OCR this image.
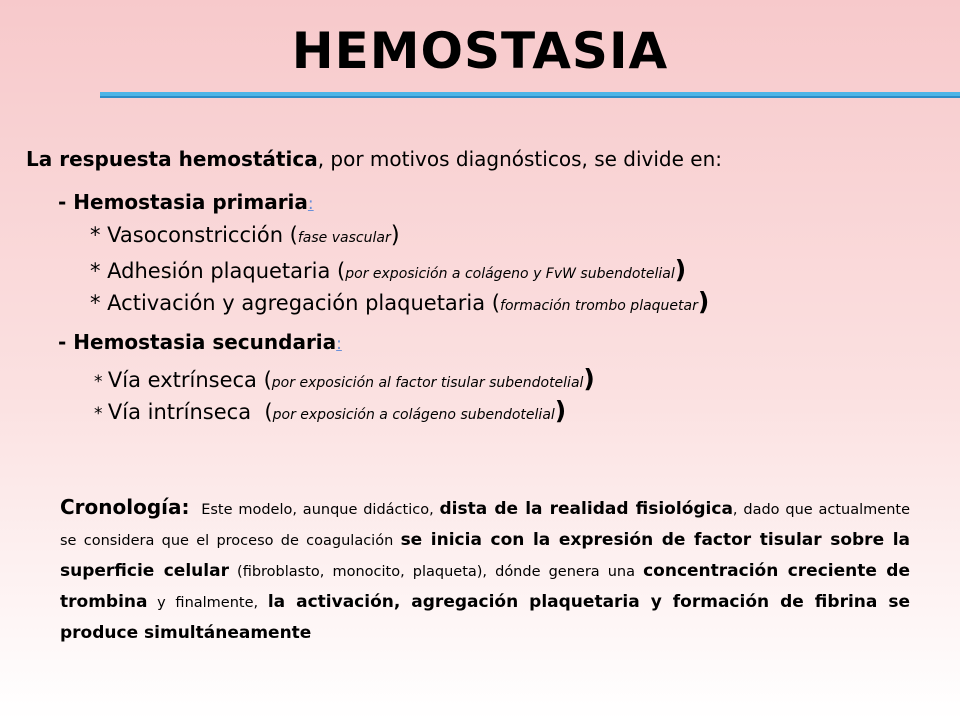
HEMOSTASIA
La respuesta hemostática, por motivos diagnósticos, se divide en:
- Hemostasia primaria:
* Vasoconstricción (fase vascular)
* Adhesión plaquetaria (por exposición a colágeno y FvW subendotelial)
* Activación y agregación plaquetaria (formación trombo plaquetar)
- Hemostasia secundaria:
* Vía extrínseca (por exposición al factor tisular subendotelial)
* Vía intrínseca  (por exposición a colágeno subendotelial)
Cronología:  Este modelo, aunque didáctico, dista de la realidad fisiológica, dado que actualmente se considera que el proceso de coagulación se inicia con la expresión de factor tisular sobre la superficie celular (fibroblasto, monocito, plaqueta), dónde genera una concentración creciente de trombina y finalmente, la activación, agregación plaquetaria y formación de fibrina se produce simultáneamente
